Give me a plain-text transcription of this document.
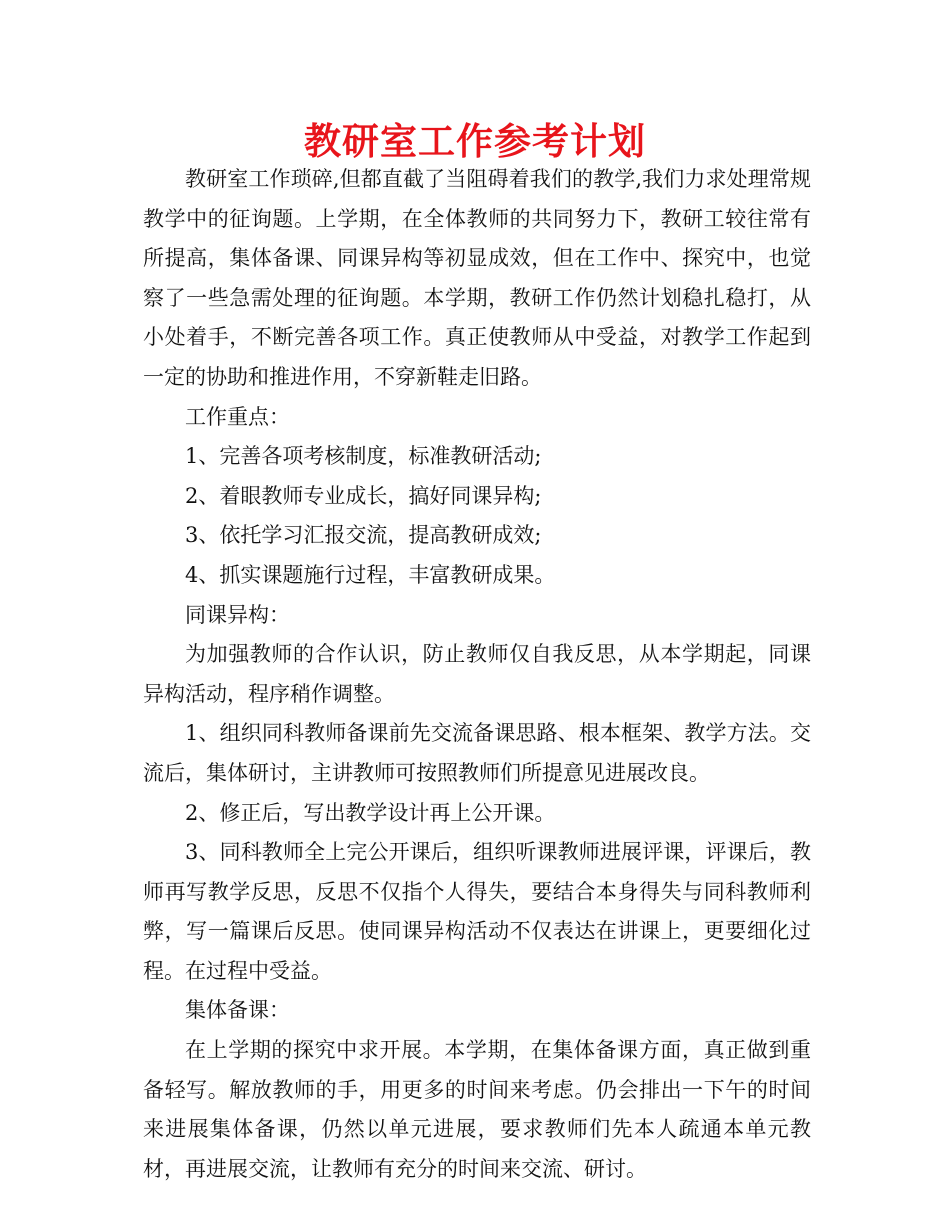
教研室工作参考计划

教研室工作琐碎,但都直截了当阻碍着我们的教学,我们力求处理常规教学中的征询题。上学期，在全体教师的共同努力下，教研工较往常有所提高，集体备课、同课异构等初显成效，但在工作中、探究中，也觉察了一些急需处理的征询题。本学期，教研工作仍然计划稳扎稳打，从小处着手，不断完善各项工作。真正使教师从中受益，对教学工作起到一定的协助和推进作用，不穿新鞋走旧路。

工作重点：

1、完善各项考核制度，标准教研活动;

2、着眼教师专业成长，搞好同课异构;

3、依托学习汇报交流，提高教研成效;

4、抓实课题施行过程，丰富教研成果。

同课异构：

为加强教师的合作认识，防止教师仅自我反思，从本学期起，同课异构活动，程序稍作调整。

1、组织同科教师备课前先交流备课思路、根本框架、教学方法。交流后，集体研讨，主讲教师可按照教师们所提意见进展改良。

2、修正后，写出教学设计再上公开课。

3、同科教师全上完公开课后，组织听课教师进展评课，评课后，教师再写教学反思，反思不仅指个人得失，要结合本身得失与同科教师利弊，写一篇课后反思。使同课异构活动不仅表达在讲课上，更要细化过程。在过程中受益。

集体备课：

在上学期的探究中求开展。本学期，在集体备课方面，真正做到重备轻写。解放教师的手，用更多的时间来考虑。仍会排出一下午的时间来进展集体备课，仍然以单元进展，要求教师们先本人疏通本单元教材，再进展交流，让教师有充分的时间来交流、研讨。
